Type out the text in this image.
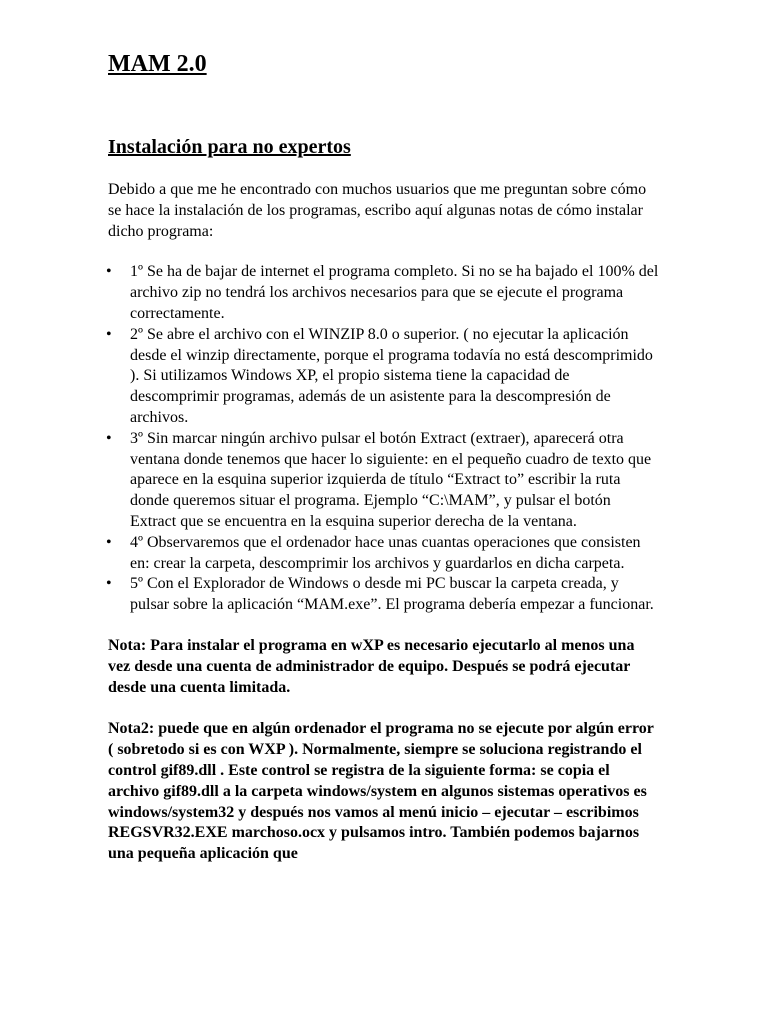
MAM 2.0
Instalación para no expertos

Debido a que me he encontrado con muchos usuarios que me preguntan sobre cómo se hace la instalación de los programas, escribo aquí algunas notas de cómo instalar dicho programa:

• 1º Se ha de bajar de internet el programa completo. Si no se ha bajado el 100% del archivo zip no tendrá los archivos necesarios para que se ejecute el programa correctamente.
• 2º Se abre el archivo con el WINZIP 8.0 o superior. ( no ejecutar la aplicación desde el winzip directamente, porque el programa todavía no está descomprimido ). Si utilizamos Windows XP, el propio sistema tiene la capacidad de descomprimir programas, además de un asistente para la descompresión de archivos.
• 3º Sin marcar ningún archivo pulsar el botón Extract (extraer), aparecerá otra ventana donde tenemos que hacer lo siguiente: en el pequeño cuadro de texto que aparece en la esquina superior izquierda de título “Extract to” escribir la ruta donde queremos situar el programa. Ejemplo “C:\MAM”, y pulsar el botón Extract que se encuentra en la esquina superior derecha de la ventana.
• 4º Observaremos que el ordenador hace unas cuantas operaciones que consisten en: crear la carpeta, descomprimir los archivos y guardarlos en dicha carpeta.
• 5º Con el Explorador de Windows o desde mi PC buscar la carpeta creada, y pulsar sobre la aplicación “MAM.exe”. El programa debería empezar a funcionar.

Nota: Para instalar el programa en wXP es necesario ejecutarlo al menos una vez desde una cuenta de administrador de equipo. Después se podrá ejecutar desde una cuenta limitada.

Nota2: puede que en algún ordenador el programa no se ejecute por algún error ( sobretodo si es con WXP ). Normalmente, siempre se soluciona registrando el control gif89.dll . Este control se registra de la siguiente forma: se copia el archivo gif89.dll a la carpeta windows/system en algunos sistemas operativos es windows/system32 y después nos vamos al menú inicio – ejecutar – escribimos REGSVR32.EXE marchoso.ocx y pulsamos intro. También podemos bajarnos una pequeña aplicación que
